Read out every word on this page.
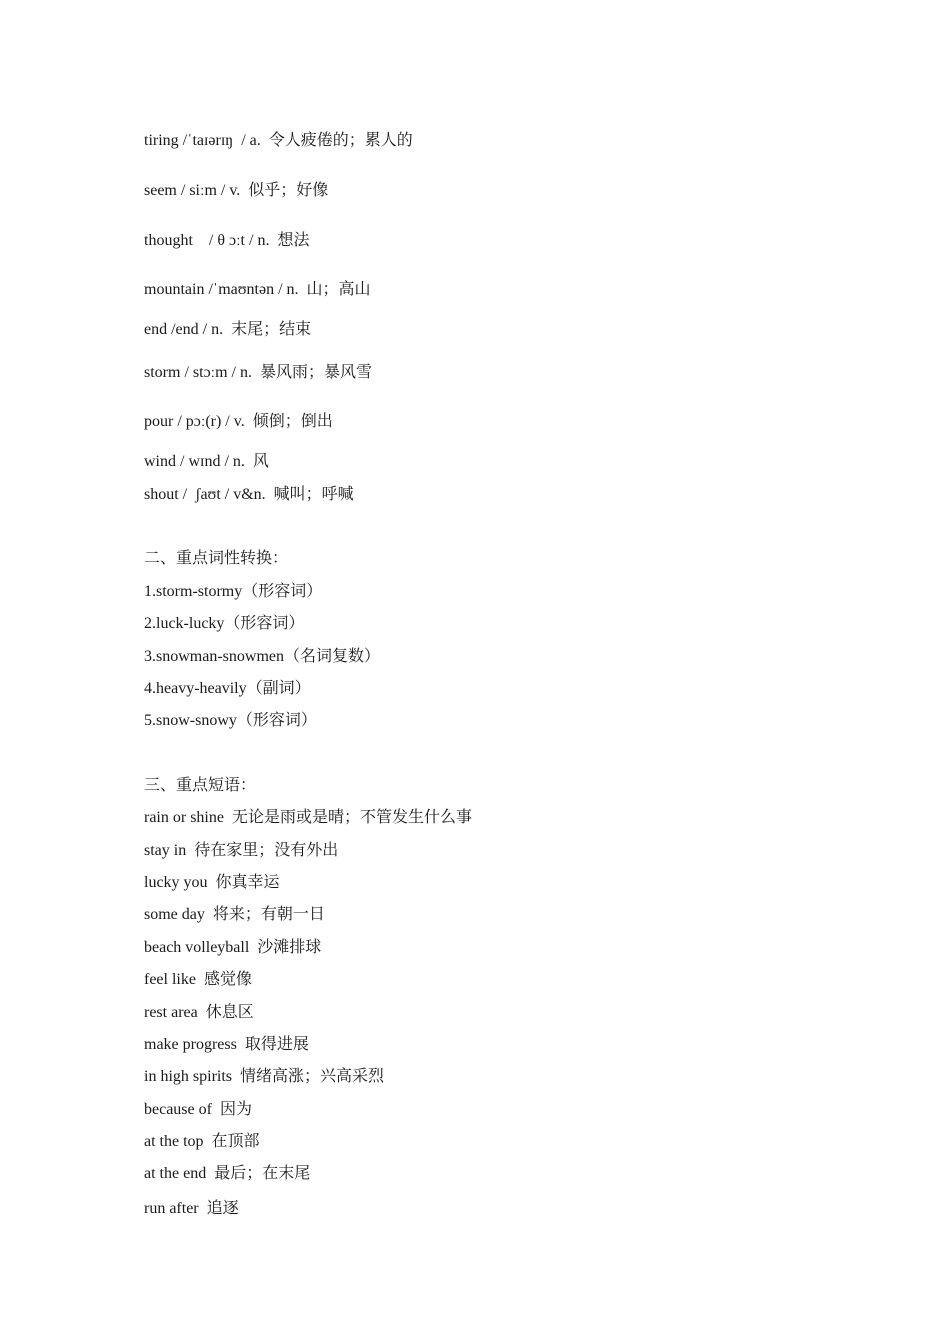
tiring /ˈtaɪərɪŋ  / a.  令人疲倦的；累人的
seem / siːm / v.  似乎；好像
thought    / θ ɔːt / n.  想法
mountain /ˈmaʊntən / n.  山；高山
end /end / n.  末尾；结束
storm / stɔːm / n.  暴风雨；暴风雪
pour / pɔː(r) / v.  倾倒；倒出
wind / wɪnd / n.  风
shout /  ʃaʊt / v&n.  喊叫；呼喊
二、重点词性转换：
1.storm-stormy（形容词）
2.luck-lucky（形容词）
3.snowman-snowmen（名词复数）
4.heavy-heavily（副词）
5.snow-snowy（形容词）
三、重点短语：
rain or shine  无论是雨或是晴；不管发生什么事
stay in  待在家里；没有外出
lucky you  你真幸运
some day  将来；有朝一日
beach volleyball  沙滩排球
feel like  感觉像
rest area  休息区
make progress  取得进展
in high spirits  情绪高涨；兴高采烈
because of  因为
at the top  在顶部
at the end  最后；在末尾
run after  追逐
